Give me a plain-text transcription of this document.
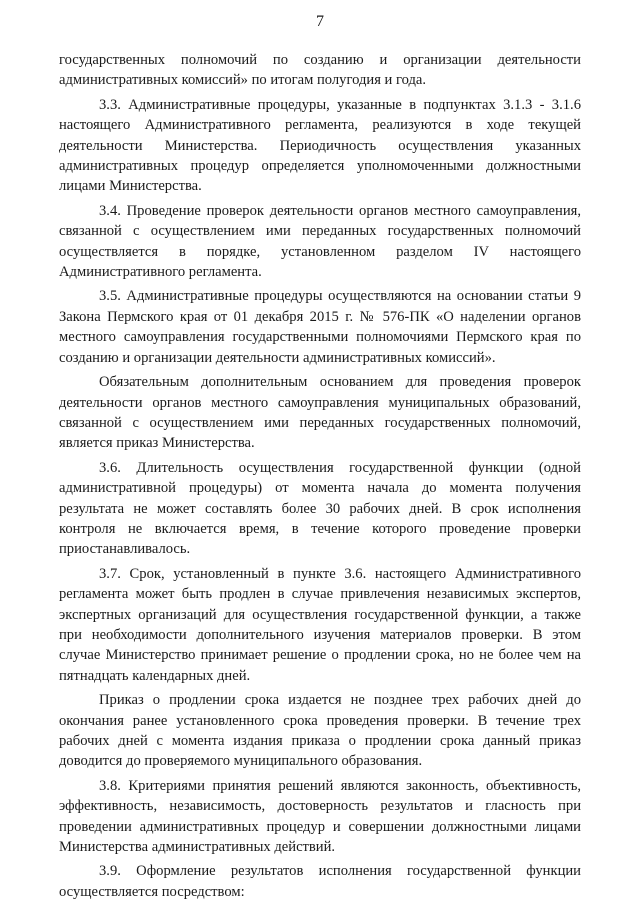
7

государственных полномочий по созданию и организации деятельности административных комиссий» по итогам полугодия и года.

3.3. Административные процедуры, указанные в подпунктах 3.1.3 - 3.1.6 настоящего Административного регламента, реализуются в ходе текущей деятельности Министерства. Периодичность осуществления указанных административных процедур определяется уполномоченными должностными лицами Министерства.

3.4. Проведение проверок деятельности органов местного самоуправления, связанной с осуществлением ими переданных государственных полномочий осуществляется в порядке, установленном разделом IV настоящего Административного регламента.

3.5. Административные процедуры осуществляются на основании статьи 9 Закона Пермского края от 01 декабря 2015 г. № 576-ПК «О наделении органов местного самоуправления государственными полномочиями Пермского края по созданию и организации деятельности административных комиссий».

Обязательным дополнительным основанием для проведения проверок деятельности органов местного самоуправления муниципальных образований, связанной с осуществлением ими переданных государственных полномочий, является приказ Министерства.

3.6. Длительность осуществления государственной функции (одной административной процедуры) от момента начала до момента получения результата не может составлять более 30 рабочих дней. В срок исполнения контроля не включается время, в течение которого проведение проверки приостанавливалось.

3.7. Срок, установленный в пункте 3.6. настоящего Административного регламента может быть продлен в случае привлечения независимых экспертов, экспертных организаций для осуществления государственной функции, а также при необходимости дополнительного изучения материалов проверки. В этом случае Министерство принимает решение о продлении срока, но не более чем на пятнадцать календарных дней.

Приказ о продлении срока издается не позднее трех рабочих дней до окончания ранее установленного срока проведения проверки. В течение трех рабочих дней с момента издания приказа о продлении срока данный приказ доводится до проверяемого муниципального образования.

3.8. Критериями принятия решений являются законность, объективность, эффективность, независимость, достоверность результатов и гласность при проведении административных процедур и совершении должностными лицами Министерства административных действий.

3.9. Оформление результатов исполнения государственной функции осуществляется посредством:
